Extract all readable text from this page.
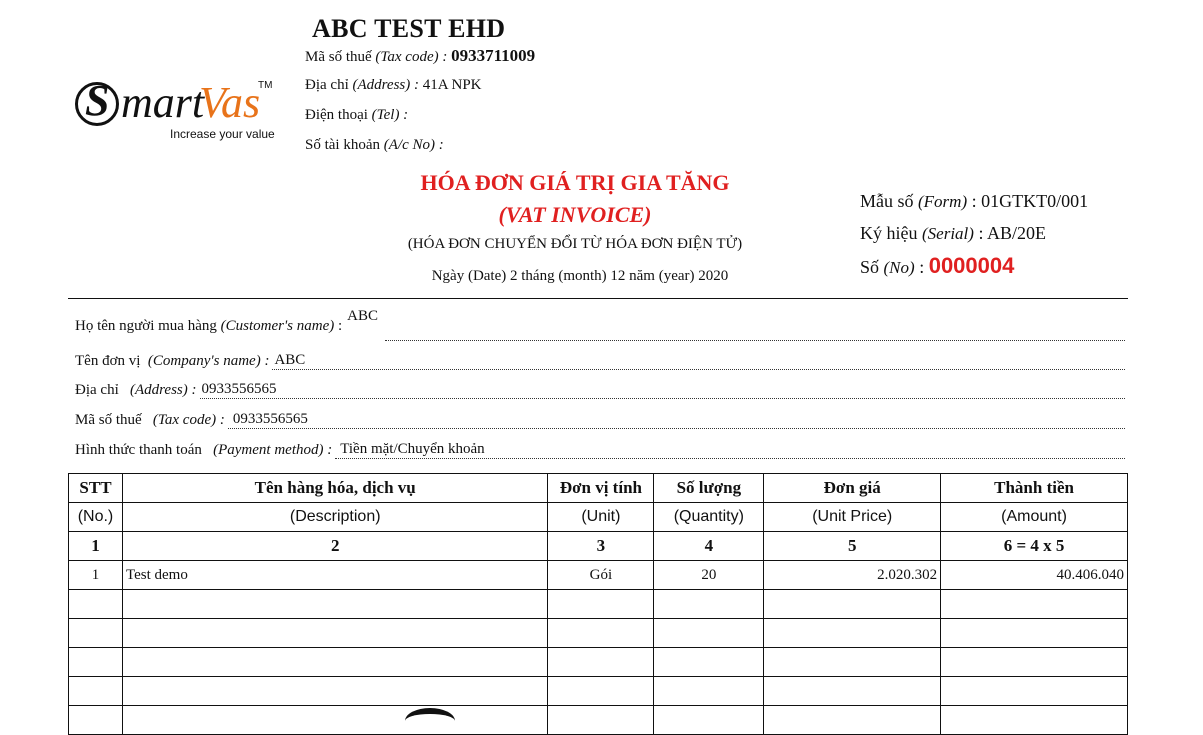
S mart
Vas
TM
Increase your value
ABC TEST EHD
Mã số thuế (Tax code) : 0933711009
Địa chỉ (Address) : 41A NPK
Điện thoại (Tel) :
Số tài khoản (A/c No) :
HÓA ĐƠN GIÁ TRỊ GIA TĂNG
(VAT INVOICE)
(HÓA ĐƠN CHUYỂN ĐỔI TỪ HÓA ĐƠN ĐIỆN TỬ)
Ngày (Date) 2 tháng (month) 12 năm (year) 2020
Mẫu số (Form) : 01GTKT0/001
Ký hiệu (Serial) : AB/20E
Số (No) : 0000004
Họ tên người mua hàng (Customer's name) :
ABC
Tên đơn vị (Company's name) : ABC
Địa chỉ (Address) : 0933556565
Mã số thuế (Tax code) : 0933556565
Hình thức thanh toán (Payment method) : Tiền mặt/Chuyển khoản
STT	Tên hàng hóa, dịch vụ	Đơn vị tính	Số lượng	Đơn giá	Thành tiền
(No.)	(Description)	(Unit)	(Quantity)	(Unit Price)	(Amount)
1	2	3	4	5	6 = 4 x 5
1	Test demo	Gói	20	2.020.302	40.406.040
